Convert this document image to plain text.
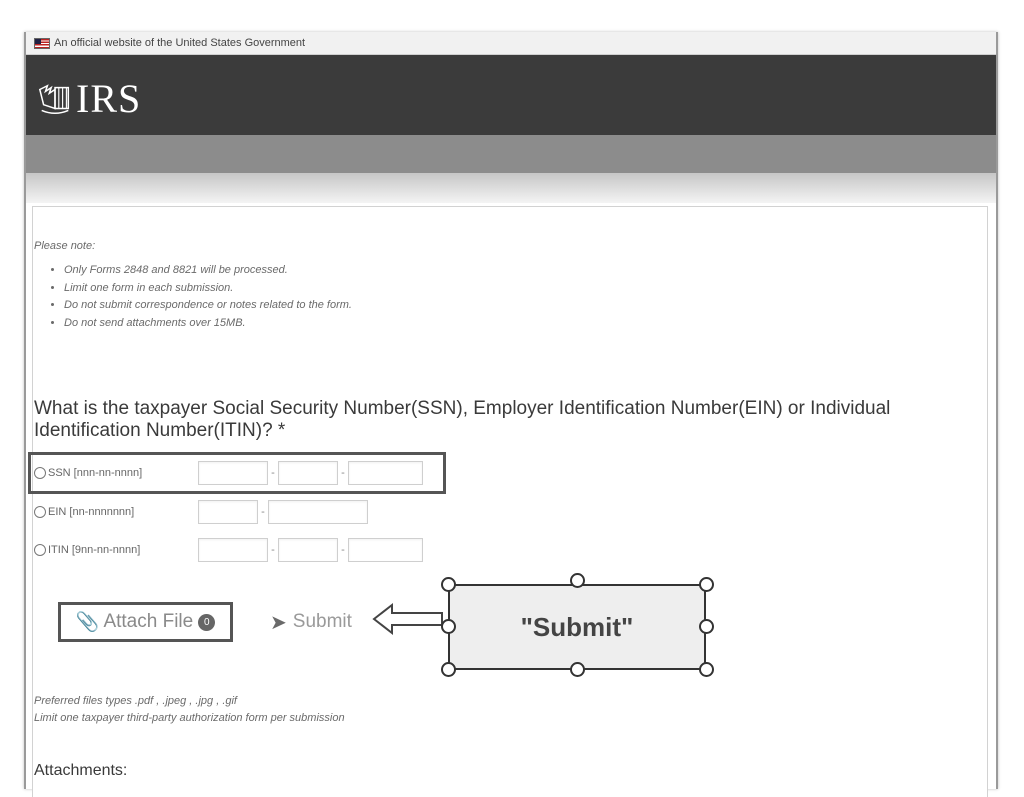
An official website of the United States Government
IRS
Please note:
• Only Forms 2848 and 8821 will be processed.
• Limit one form in each submission.
• Do not submit correspondence or notes related to the form.
• Do not send attachments over 15MB.
What is the taxpayer Social Security Number(SSN), Employer Identification Number(EIN) or Individual Identification Number(ITIN)? *
SSN [nnn-nn-nnnn]	-	-
EIN [nn-nnnnnnn]	-
ITIN [9nn-nn-nnnn]	-	-
📎 Attach File	0	➤ Submit	"Submit"
Preferred files types .pdf , .jpeg , .jpg , .gif
Limit one taxpayer third-party authorization form per submission
Attachments:
